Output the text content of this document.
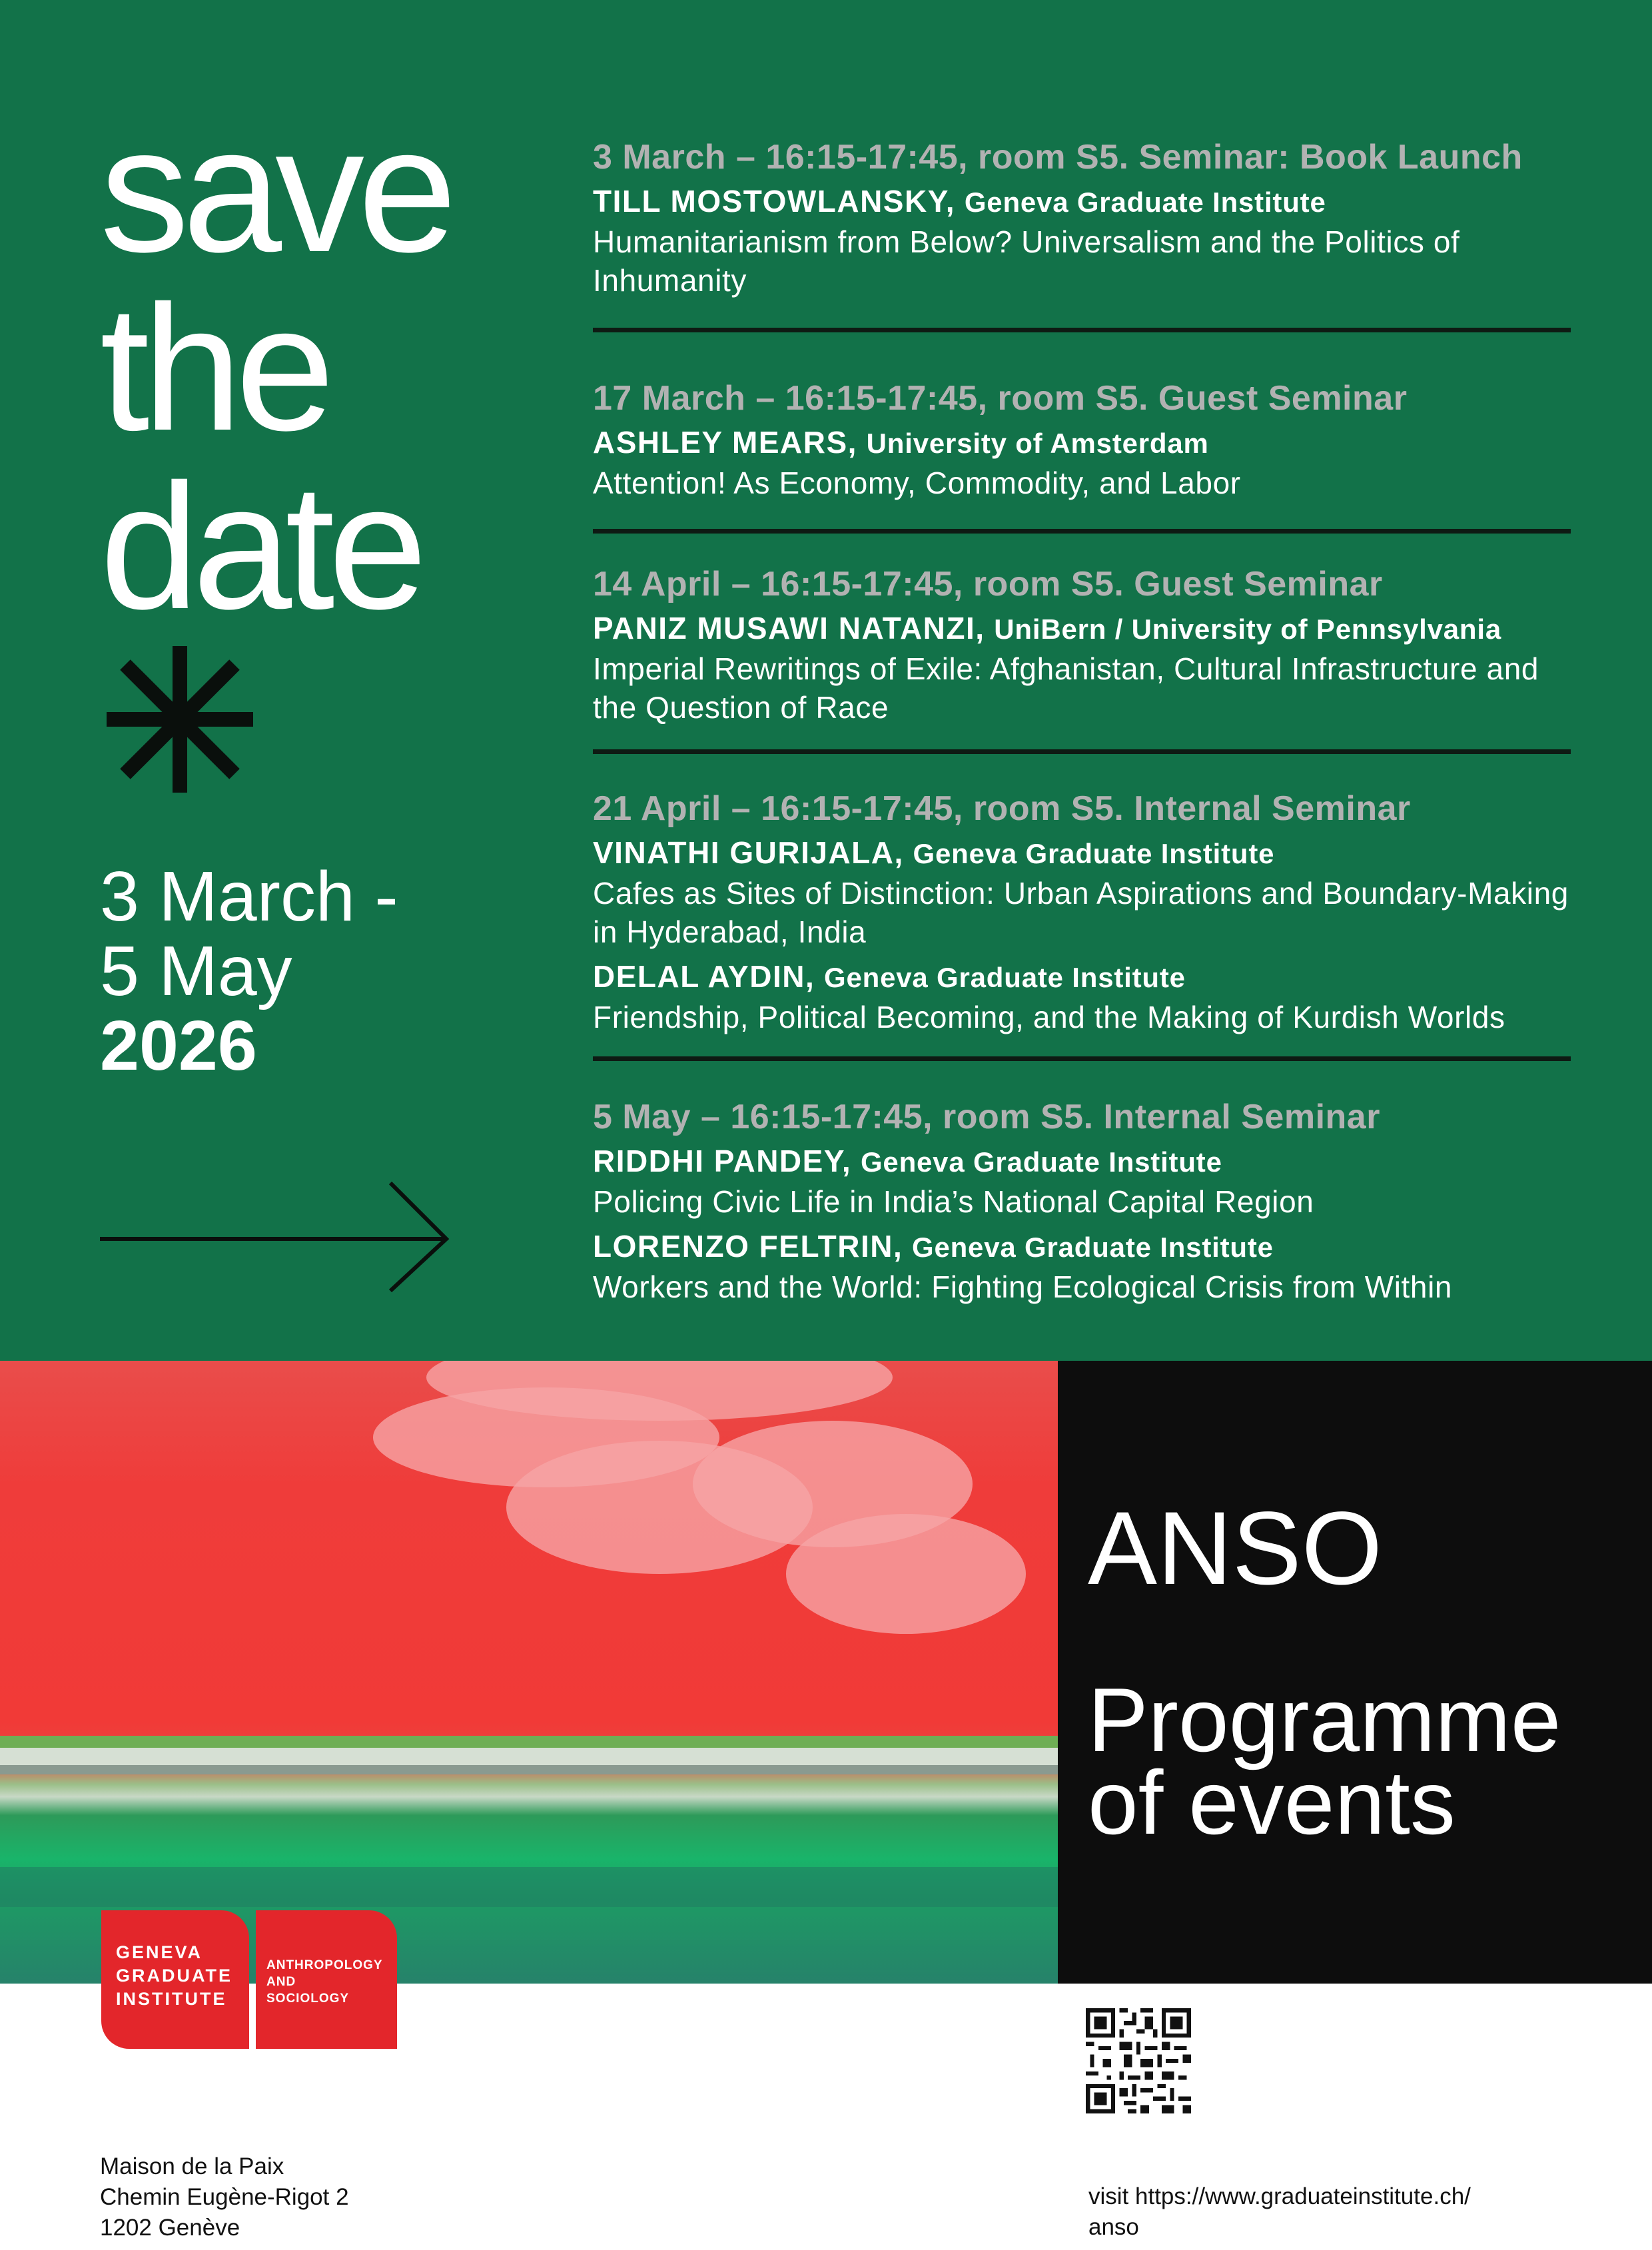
save
the
date
3 March -
5 May
2026
3 March – 16:15-17:45, room S5. Seminar: Book Launch
TILL MOSTOWLANSKY, Geneva Graduate Institute
Humanitarianism from Below? Universalism and the Politics of
Inhumanity
17 March – 16:15-17:45, room S5. Guest Seminar
ASHLEY MEARS, University of Amsterdam
Attention! As Economy, Commodity, and Labor
14 April – 16:15-17:45, room S5. Guest Seminar
PANIZ MUSAWI NATANZI, UniBern / University of Pennsylvania
Imperial Rewritings of Exile: Afghanistan, Cultural Infrastructure and
the Question of Race
21 April – 16:15-17:45, room S5. Internal Seminar
VINATHI GURIJALA, Geneva Graduate Institute
Cafes as Sites of Distinction: Urban Aspirations and Boundary-Making
in Hyderabad, India
DELAL AYDIN, Geneva Graduate Institute
Friendship, Political Becoming, and the Making of Kurdish Worlds
5 May – 16:15-17:45, room S5. Internal Seminar
RIDDHI PANDEY, Geneva Graduate Institute
Policing Civic Life in India’s National Capital Region
LORENZO FELTRIN, Geneva Graduate Institute
Workers and the World: Fighting Ecological Crisis from Within
ANSO
Programme
of events
GENEVA
GRADUATE
INSTITUTE
ANTHROPOLOGY
AND
SOCIOLOGY
Maison de la Paix
Chemin Eugène-Rigot 2
1202 Genève
visit https://www.graduateinstitute.ch/
anso
